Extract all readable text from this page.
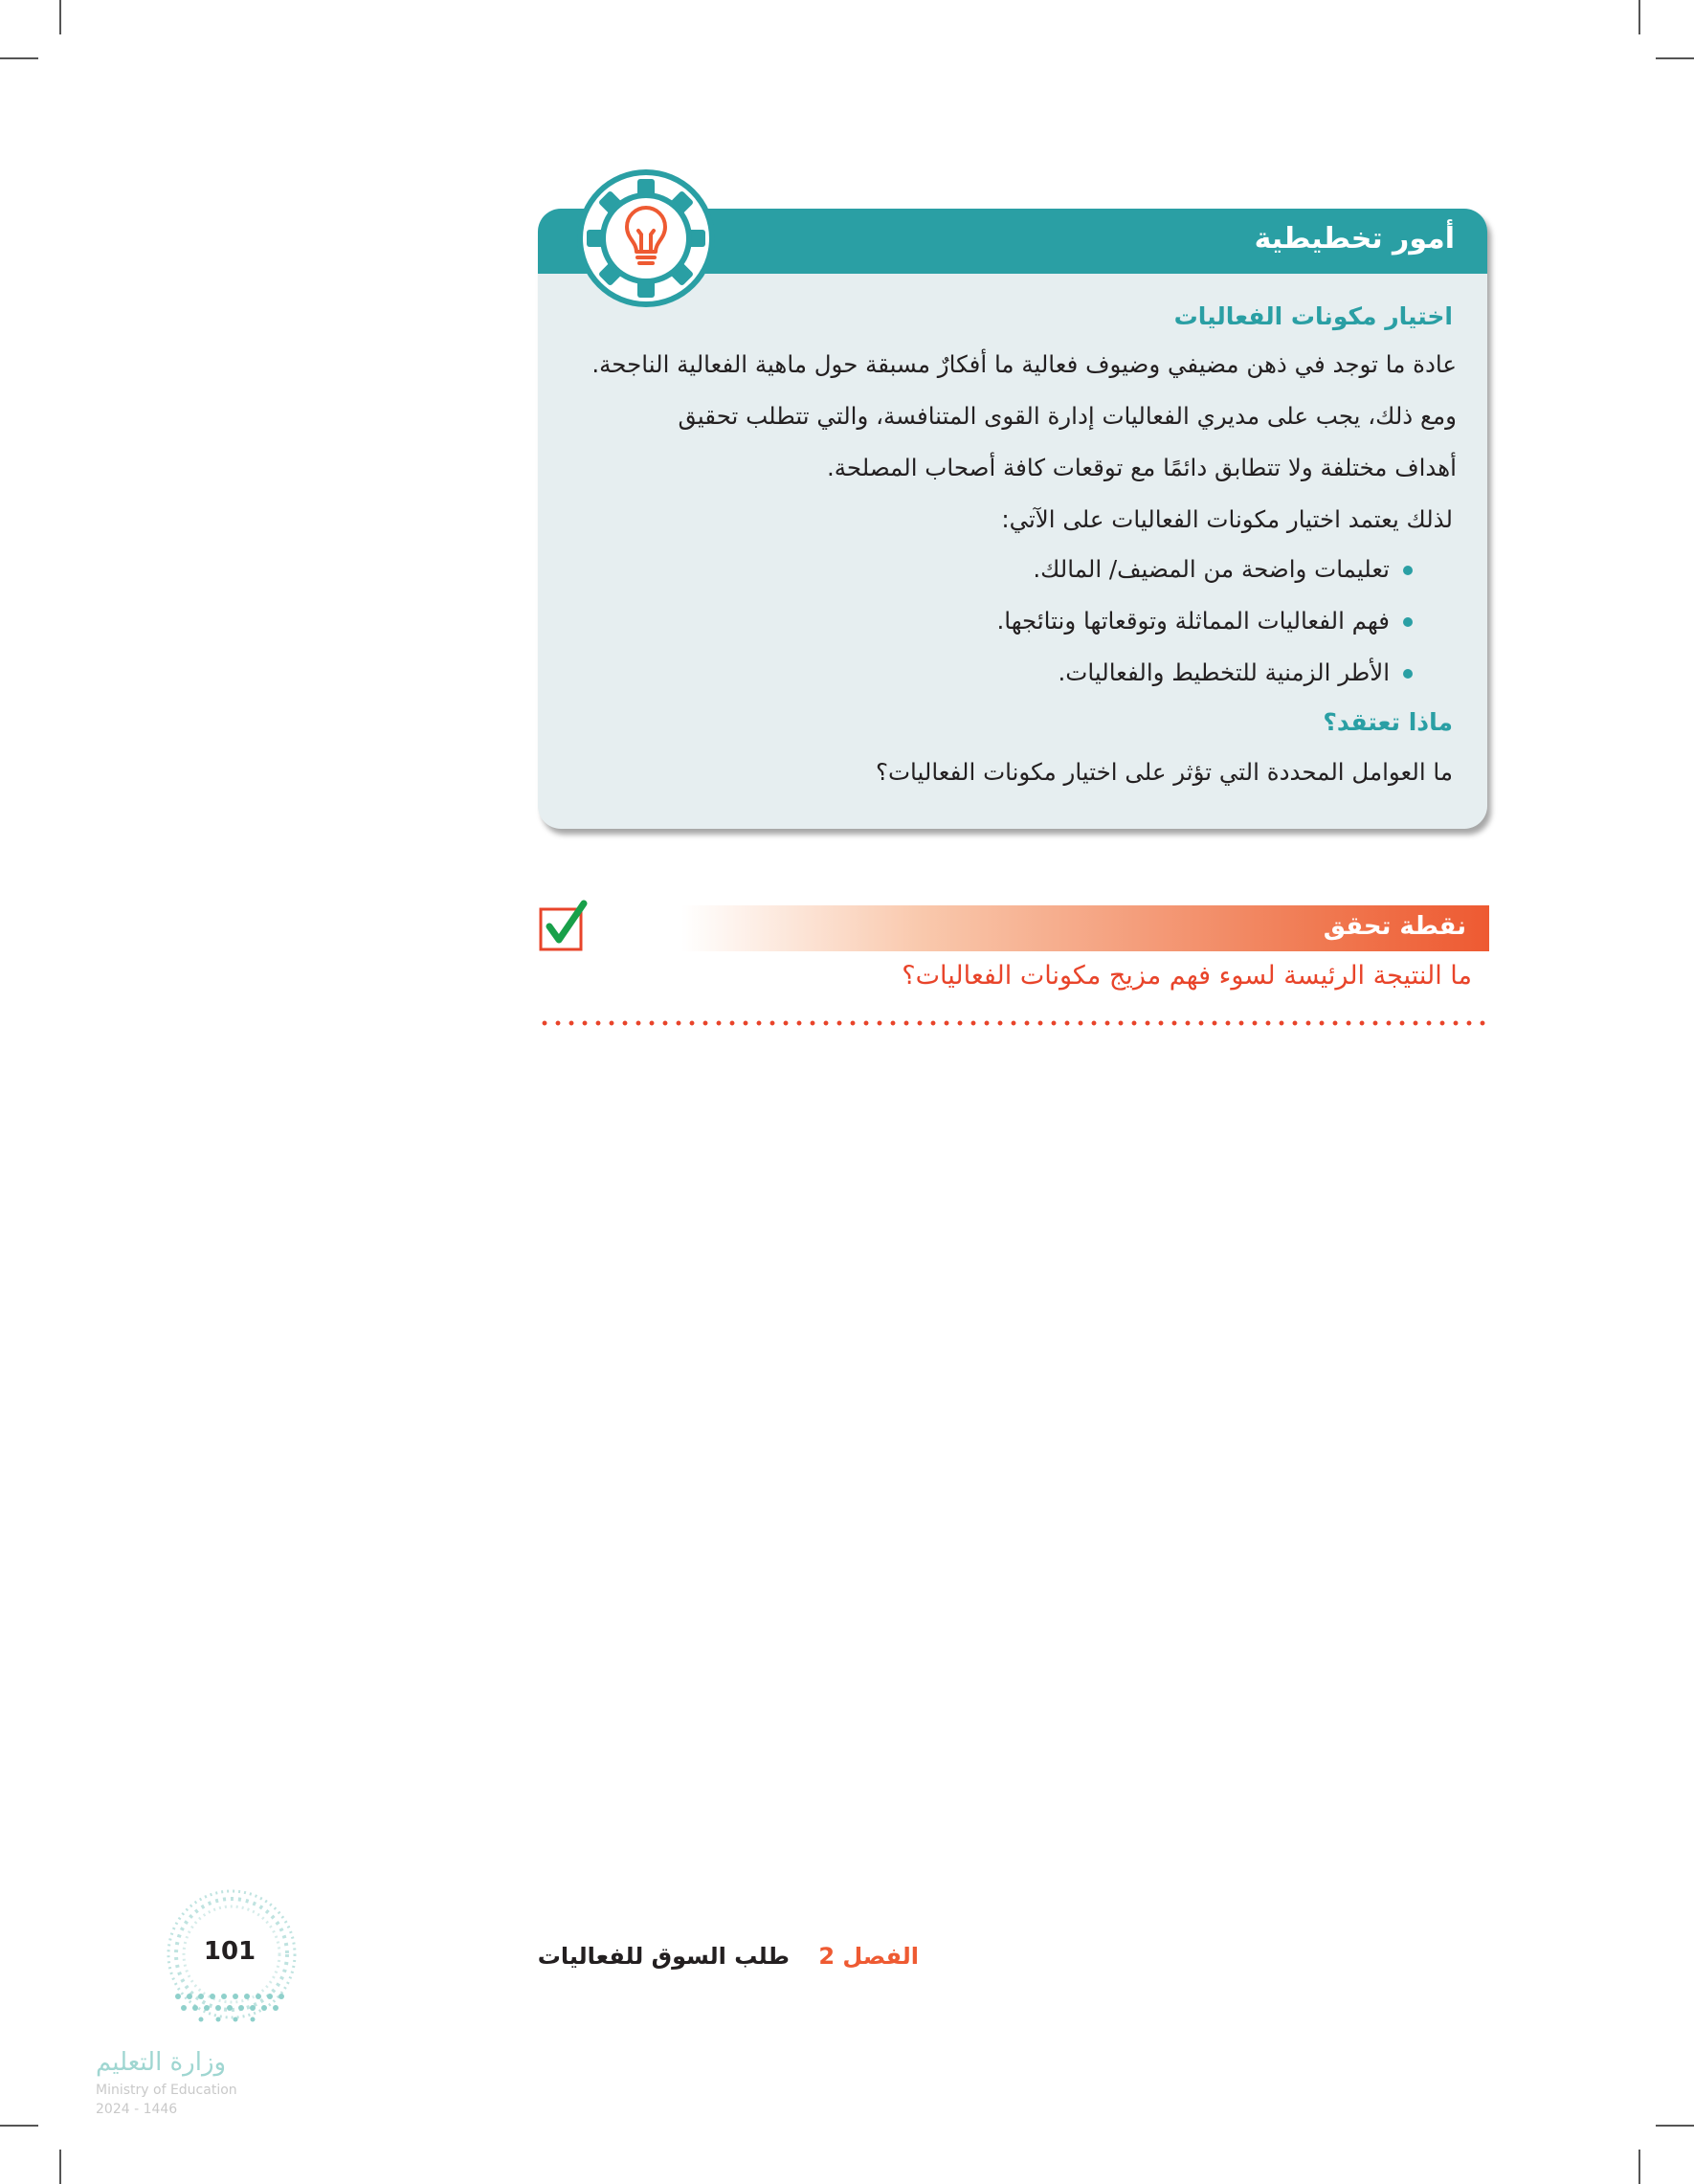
أمور تخطيطية
اختيار مكونات الفعاليات
عادة ما توجد في ذهن مضيفي وضيوف فعالية ما أفكارٌ مسبقة حول ماهية الفعالية الناجحة.
ومع ذلك، يجب على مديري الفعاليات إدارة القوى المتنافسة، والتي تتطلب تحقيق
أهداف مختلفة ولا تتطابق دائمًا مع توقعات كافة أصحاب المصلحة.
لذلك يعتمد اختيار مكونات الفعاليات على الآتي:
تعليمات واضحة من المضيف/ المالك.
فهم الفعاليات المماثلة وتوقعاتها ونتائجها.
الأطر الزمنية للتخطيط والفعاليات.
ماذا تعتقد؟
ما العوامل المحددة التي تؤثر على اختيار مكونات الفعاليات؟
نقطة تحقق
ما النتيجة الرئيسة لسوء فهم مزيج مكونات الفعاليات؟
الفصل 2 طلب السوق للفعاليات
101
وزارة التعليم
Ministry of Education
2024 - 1446
